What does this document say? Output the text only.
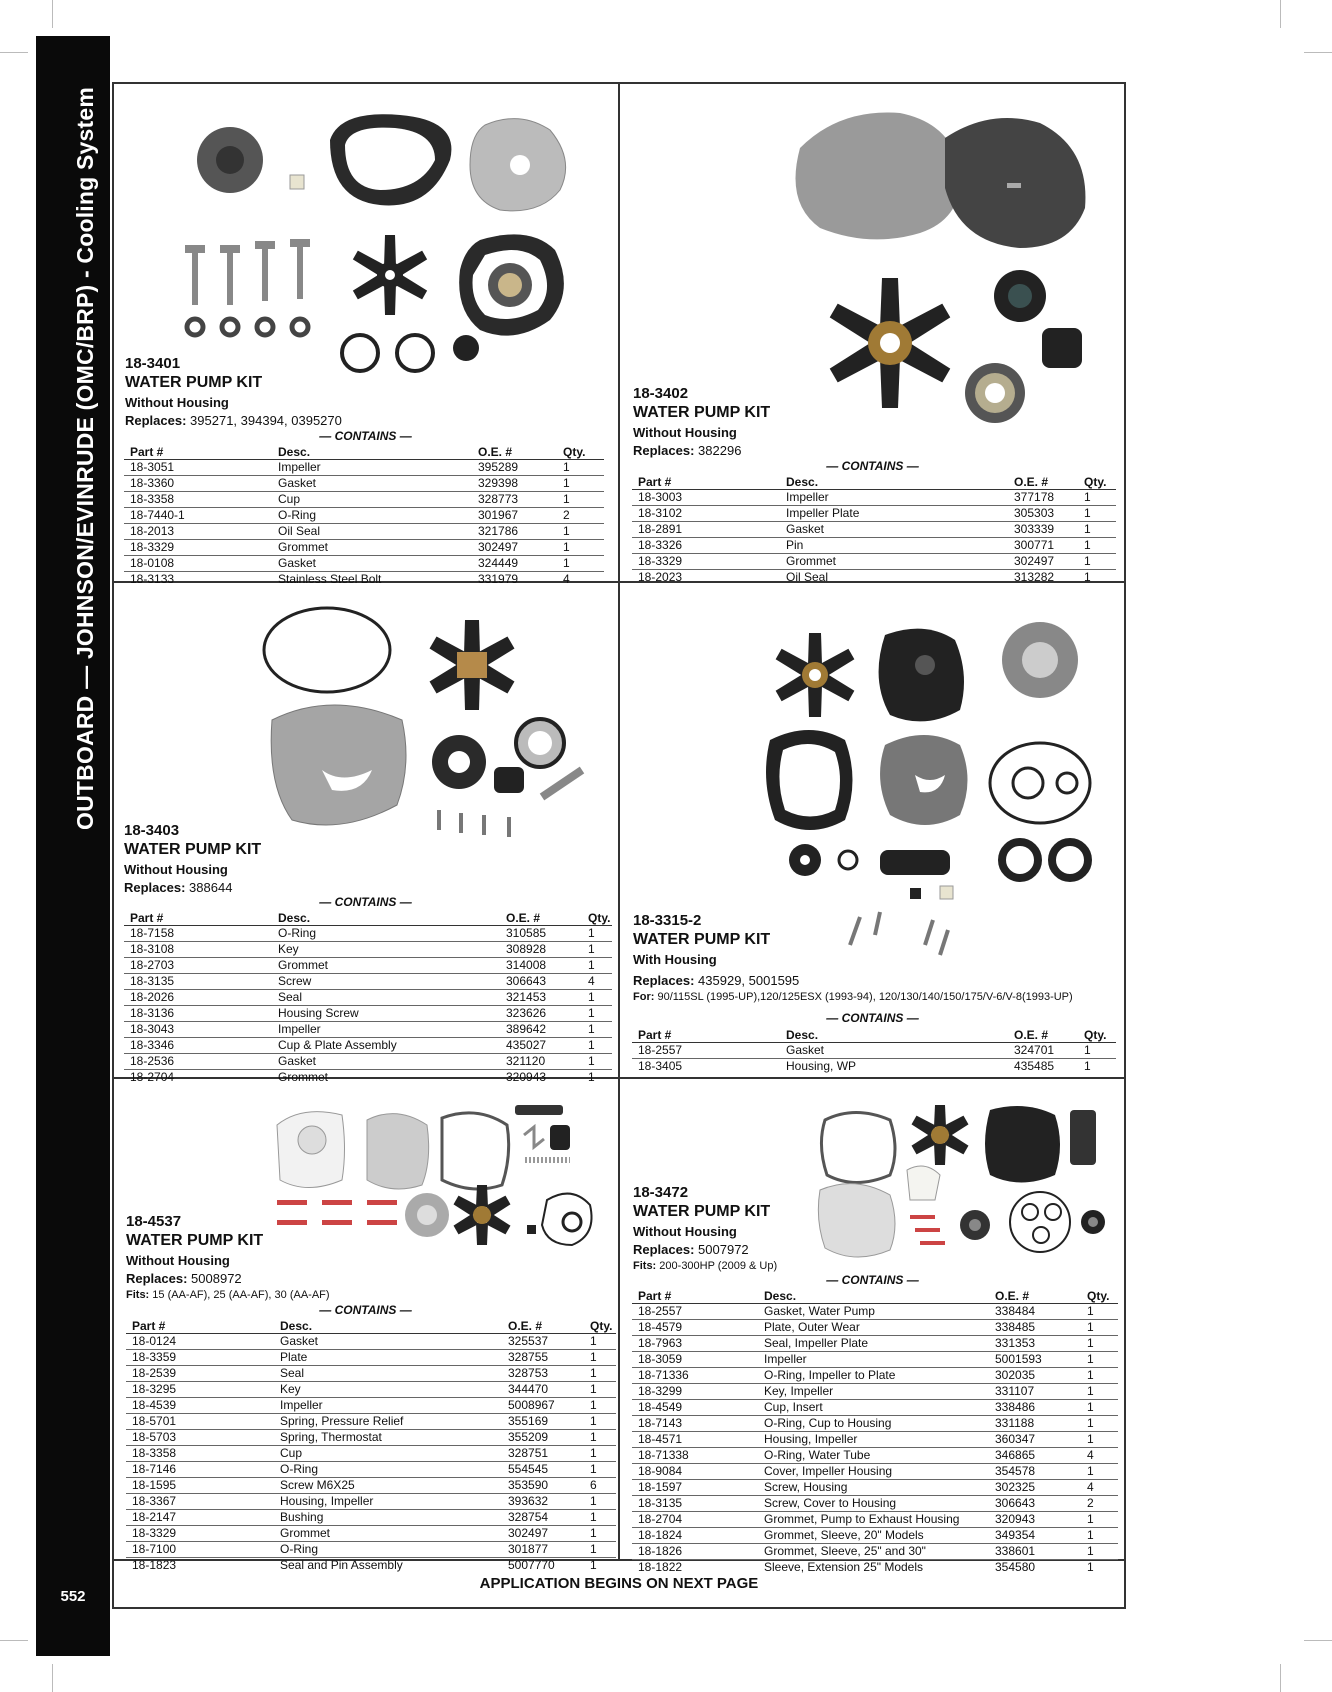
OUTBOARD — JOHNSON/EVINRUDE (OMC/BRP) - Cooling System
552
18-3401
WATER PUMP KIT
Without Housing
Replaces: 395271, 394394, 0395270
— CONTAINS —
Part #	Desc.	O.E. #	Qty.
18-3051	Impeller	395289	1
18-3360	Gasket	329398	1
18-3358	Cup	328773	1
18-7440-1	O-Ring	301967	2
18-2013	Oil Seal	321786	1
18-3329	Grommet	302497	1
18-0108	Gasket	324449	1
18-3133	Stainless Steel Bolt	331979	4
18-3402
WATER PUMP KIT
Without Housing
Replaces: 382296
— CONTAINS —
Part #	Desc.	O.E. #	Qty.
18-3003	Impeller	377178	1
18-3102	Impeller Plate	305303	1
18-2891	Gasket	303339	1
18-3326	Pin	300771	1
18-3329	Grommet	302497	1
18-2023	Oil Seal	313282	1
18-3403
WATER PUMP KIT
Without Housing
Replaces: 388644
— CONTAINS —
Part #	Desc.	O.E. #	Qty.
18-7158	O-Ring	310585	1
18-3108	Key	308928	1
18-2703	Grommet	314008	1
18-3135	Screw	306643	4
18-2026	Seal	321453	1
18-3136	Housing Screw	323626	1
18-3043	Impeller	389642	1
18-3346	Cup & Plate Assembly	435027	1
18-2536	Gasket	321120	1
18-2704	Grommet	320943	1
18-3315-2
WATER PUMP KIT
With Housing
Replaces: 435929, 5001595
For: 90/115SL (1995-UP),120/125ESX (1993-94), 120/130/140/150/175/V-6/V-8(1993-UP)
— CONTAINS —
Part #	Desc.	O.E. #	Qty.
18-2557	Gasket	324701	1
18-3405	Housing, WP	435485	1
18-4537
WATER PUMP KIT
Without Housing
Replaces: 5008972
Fits: 15 (AA-AF), 25 (AA-AF), 30 (AA-AF)
— CONTAINS —
Part #	Desc.	O.E. #	Qty.
18-0124	Gasket	325537	1
18-3359	Plate	328755	1
18-2539	Seal	328753	1
18-3295	Key	344470	1
18-4539	Impeller	5008967	1
18-5701	Spring, Pressure Relief	355169	1
18-5703	Spring, Thermostat	355209	1
18-3358	Cup	328751	1
18-7146	O-Ring	554545	1
18-1595	Screw M6X25	353590	6
18-3367	Housing, Impeller	393632	1
18-2147	Bushing	328754	1
18-3329	Grommet	302497	1
18-7100	O-Ring	301877	1
18-1823	Seal and Pin Assembly	5007770	1
18-3472
WATER PUMP KIT
Without Housing
Replaces: 5007972
Fits: 200-300HP (2009 & Up)
— CONTAINS —
Part #	Desc.	O.E. #	Qty.
18-2557	Gasket, Water Pump	338484	1
18-4579	Plate, Outer Wear	338485	1
18-7963	Seal, Impeller Plate	331353	1
18-3059	Impeller	5001593	1
18-71336	O-Ring, Impeller to Plate	302035	1
18-3299	Key, Impeller	331107	1
18-4549	Cup, Insert	338486	1
18-7143	O-Ring, Cup to Housing	331188	1
18-4571	Housing, Impeller	360347	1
18-71338	O-Ring, Water Tube	346865	4
18-9084	Cover, Impeller Housing	354578	1
18-1597	Screw, Housing	302325	4
18-3135	Screw, Cover to Housing	306643	2
18-2704	Grommet, Pump to Exhaust Housing	320943	1
18-1824	Grommet, Sleeve, 20" Models	349354	1
18-1826	Grommet, Sleeve, 25" and 30"	338601	1
18-1822	Sleeve, Extension 25" Models	354580	1
APPLICATION BEGINS ON NEXT PAGE
